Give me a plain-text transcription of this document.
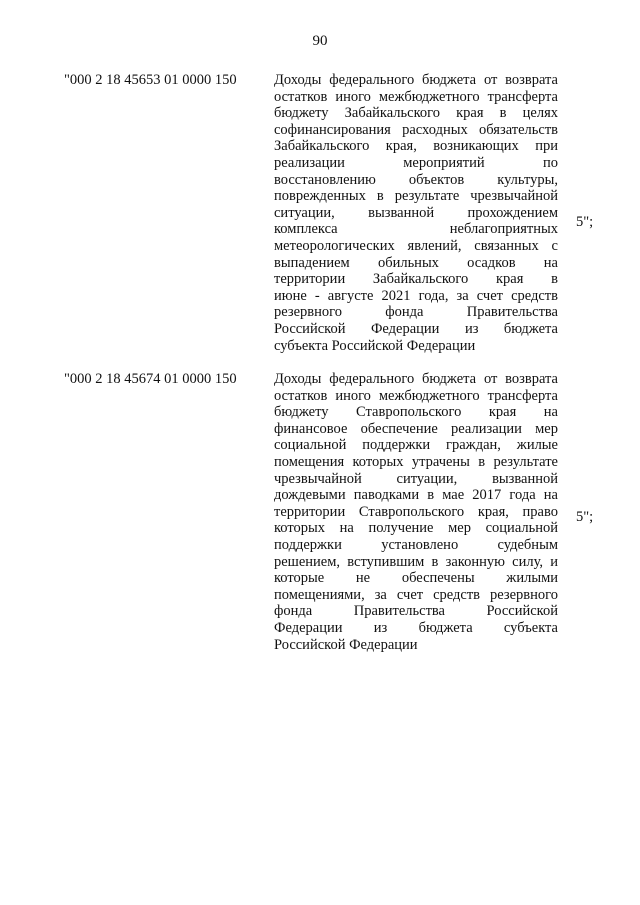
90
"000 2 18 45653 01 0000 150	Доходы федерального бюджета от возврата
остатков иного межбюджетного трансферта
бюджету Забайкальского края в целях
софинансирования расходных обязательств
Забайкальского края, возникающих при
реализации мероприятий по
восстановлению объектов культуры,
поврежденных в результате чрезвычайной
ситуации, вызванной прохождением
комплекса неблагоприятных
метеорологических явлений, связанных с
выпадением обильных осадков на
территории Забайкальского края в
июне - августе 2021 года, за счет средств
резервного фонда Правительства
Российской Федерации из бюджета
субъекта Российской Федерации
5";
"000 2 18 45674 01 0000 150	Доходы федерального бюджета от возврата
остатков иного межбюджетного трансферта
бюджету Ставропольского края на
финансовое обеспечение реализации мер
социальной поддержки граждан, жилые
помещения которых утрачены в результате
чрезвычайной ситуации, вызванной
дождевыми паводками в мае 2017 года на
территории Ставропольского края, право
которых на получение мер социальной
поддержки установлено судебным
решением, вступившим в законную силу, и
которые не обеспечены жилыми
помещениями, за счет средств резервного
фонда Правительства Российской
Федерации из бюджета субъекта
Российской Федерации
5";
